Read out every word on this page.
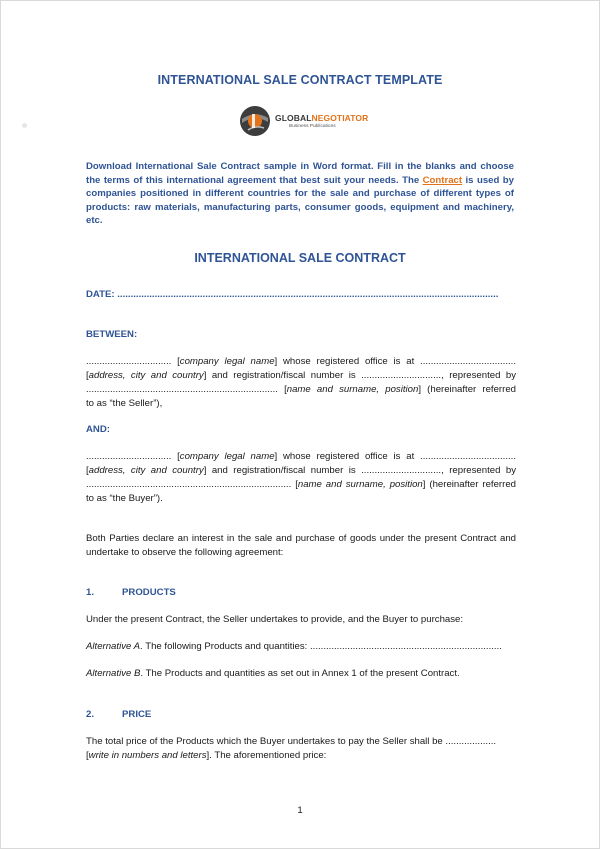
INTERNATIONAL SALE CONTRACT TEMPLATE
GLOBALNEGOTIATOR
Business Publications
Download International Sale Contract sample in Word format. Fill in the blanks and choose the terms of this international agreement that best suit your needs. The Contract is used by companies positioned in different countries for the sale and purchase of different types of products: raw materials, manufacturing parts, consumer goods, equipment and machinery, etc.
INTERNATIONAL SALE CONTRACT
DATE: ...............................................................................................................................................
BETWEEN:
................................ [company legal name] whose registered office is at ....................................
[address, city and country] and registration/fiscal number is .............................., represented by
........................................................................ [name and surname, position] (hereinafter referred
to as “the Seller”),
AND:
................................ [company legal name] whose registered office is at ....................................
[address, city and country] and registration/fiscal number is .............................., represented by
............................................................................. [name and surname, position] (hereinafter referred
to as “the Buyer”).
Both Parties declare an interest in the sale and purchase of goods under the present Contract and undertake to observe the following agreement:
1.	PRODUCTS
Under the present Contract, the Seller undertakes to provide, and the Buyer to purchase:
Alternative A. The following Products and quantities: ........................................................................
Alternative B. The Products and quantities as set out in Annex 1 of the present Contract.
2.	PRICE
The total price of the Products which the Buyer undertakes to pay the Seller shall be ...................
[write in numbers and letters]. The aforementioned price:
1
